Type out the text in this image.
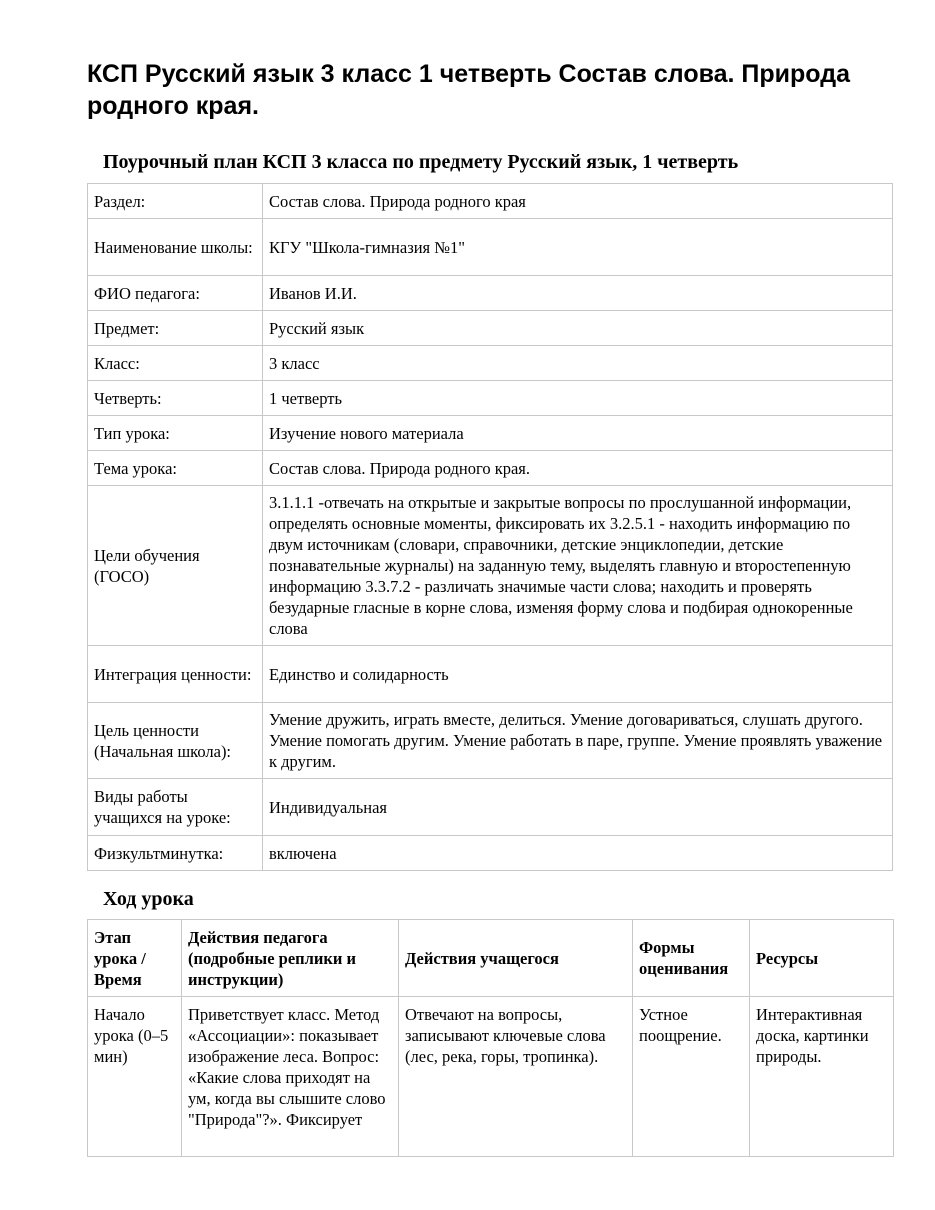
КСП Русский язык 3 класс 1 четверть Состав слова. Природа родного края.
Поурочный план КСП 3 класса по предмету Русский язык, 1 четверть
Раздел:	Состав слова. Природа родного края
Наименование школы:	КГУ "Школа-гимназия №1"
ФИО педагога:	Иванов И.И.
Предмет:	Русский язык
Класс:	3 класс
Четверть:	1 четверть
Тип урока:	Изучение нового материала
Тема урока:	Состав слова. Природа родного края.
Цели обучения (ГОСО)	3.1.1.1 -отвечать на открытые и закрытые вопросы по прослушанной информации, определять основные моменты, фиксировать их 3.2.5.1 - находить информацию по двум источникам (словари, справочники, детские энциклопедии, детские познавательные журналы) на заданную тему, выделять главную и второстепенную информацию 3.3.7.2 - различать значимые части слова; находить и проверять безударные гласные в корне слова, изменяя форму слова и подбирая однокоренные слова
Интеграция ценности:	Единство и солидарность
Цель ценности (Начальная школа):	Умение дружить, играть вместе, делиться. Умение договариваться, слушать другого. Умение помогать другим. Умение работать в паре, группе. Умение проявлять уважение к другим.
Виды работы учащихся на уроке:	Индивидуальная
Физкультминутка:	включена
Ход урока
Этап урока / Время	Действия педагога (подробные реплики и инструкции)	Действия учащегося	Формы оценивания	Ресурсы
Начало урока (0–5 мин)	Приветствует класс. Метод «Ассоциации»: показывает изображение леса. Вопрос: «Какие слова приходят на ум, когда вы слышите слово "Природа"?». Фиксирует	Отвечают на вопросы, записывают ключевые слова (лес, река, горы, тропинка).	Устное поощрение.	Интерактивная доска, картинки природы.
